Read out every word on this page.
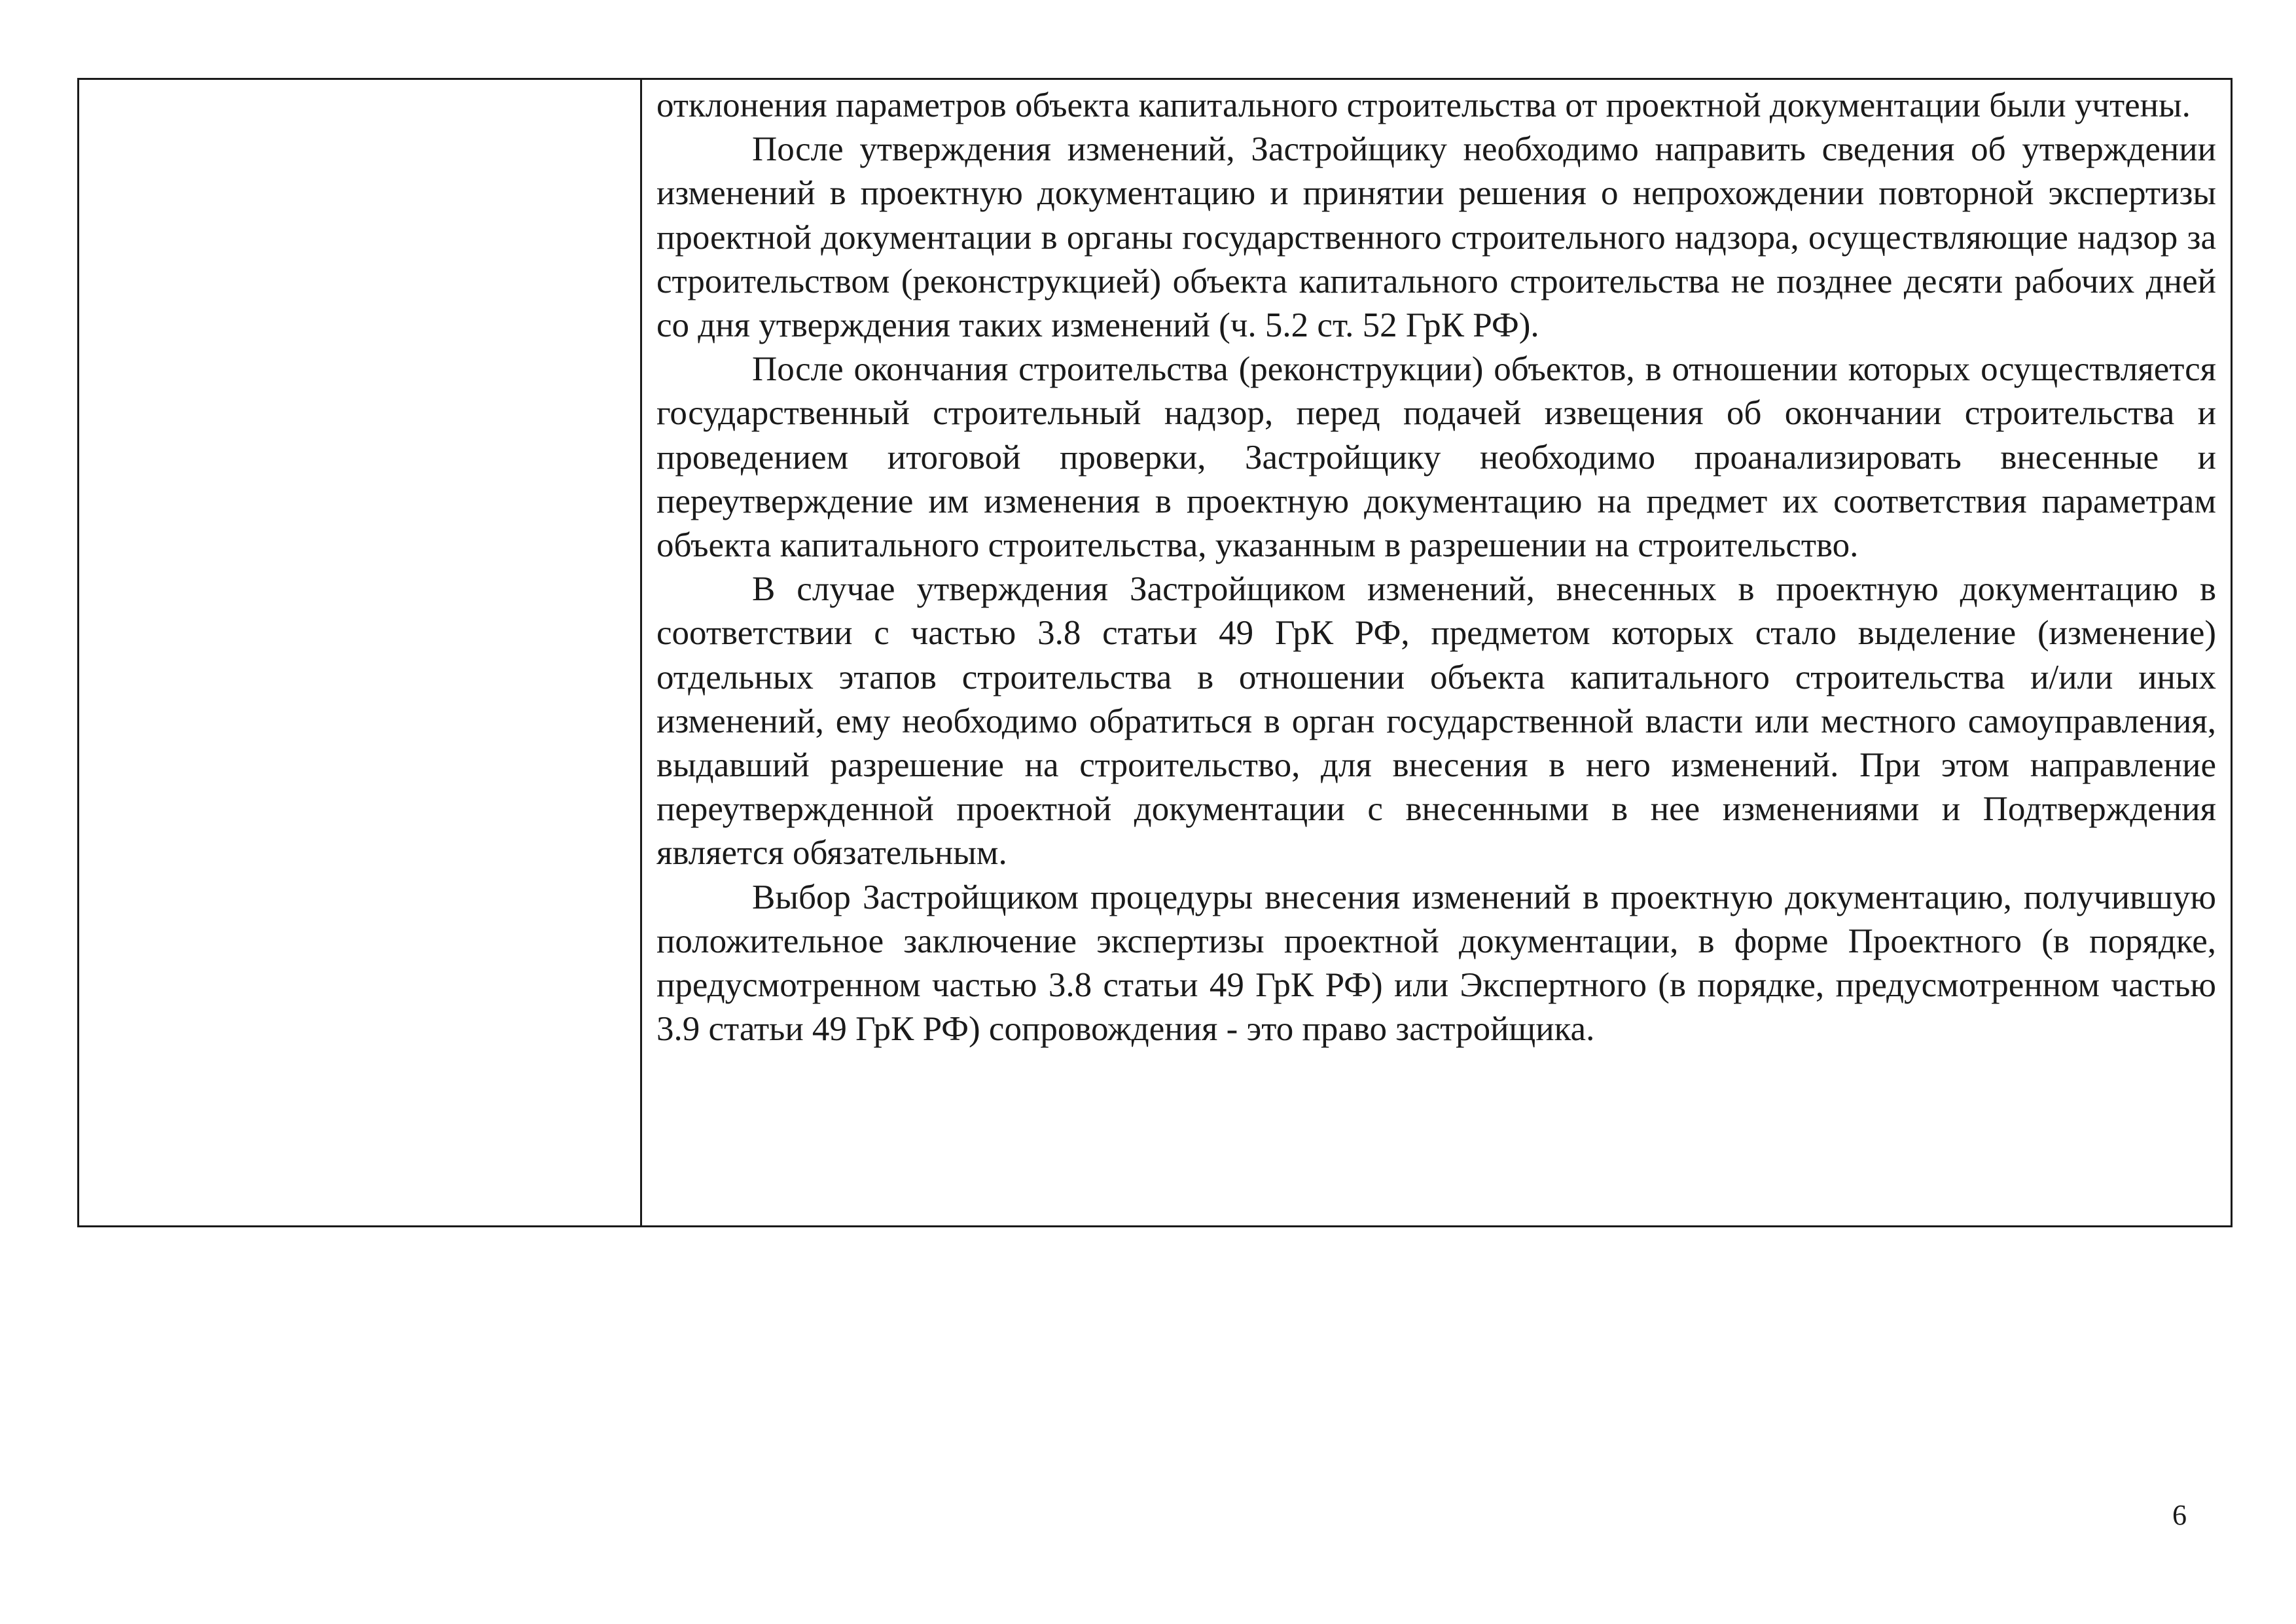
отклонения параметров объекта капитального строительства от проектной документации были учтены.

После утверждения изменений, Застройщику необходимо направить сведения об утверждении изменений в проектную документацию и принятии решения о непрохождении повторной экспертизы проектной документации в органы государственного строительного надзора, осуществляющие надзор за строительством (реконструкцией) объекта капитального строительства не позднее десяти рабочих дней со дня утверждения таких изменений (ч. 5.2 ст. 52 ГрК РФ).

После окончания строительства (реконструкции) объектов, в отношении которых осуществляется государственный строительный надзор, перед подачей извещения об окончании строительства и проведением итоговой проверки, Застройщику необходимо проанализировать внесенные и переутверждение им изменения в проектную документацию на предмет их соответствия параметрам объекта капитального строительства, указанным в разрешении на строительство.

В случае утверждения Застройщиком изменений, внесенных в проектную документацию в соответствии с частью 3.8 статьи 49 ГрК РФ, предметом которых стало выделение (изменение) отдельных этапов строительства в отношении объекта капитального строительства и/или иных изменений, ему необходимо обратиться в орган государственной власти или местного самоуправления, выдавший разрешение на строительство, для внесения в него изменений. При этом направление переутвержденной проектной документации с внесенными в нее изменениями и Подтверждения является обязательным.

Выбор Застройщиком процедуры внесения изменений в проектную документацию, получившую положительное заключение экспертизы проектной документации, в форме Проектного (в порядке, предусмотренном частью 3.8 статьи 49 ГрК РФ) или Экспертного (в порядке, предусмотренном частью 3.9 статьи 49 ГрК РФ) сопровождения - это право застройщика.

6
